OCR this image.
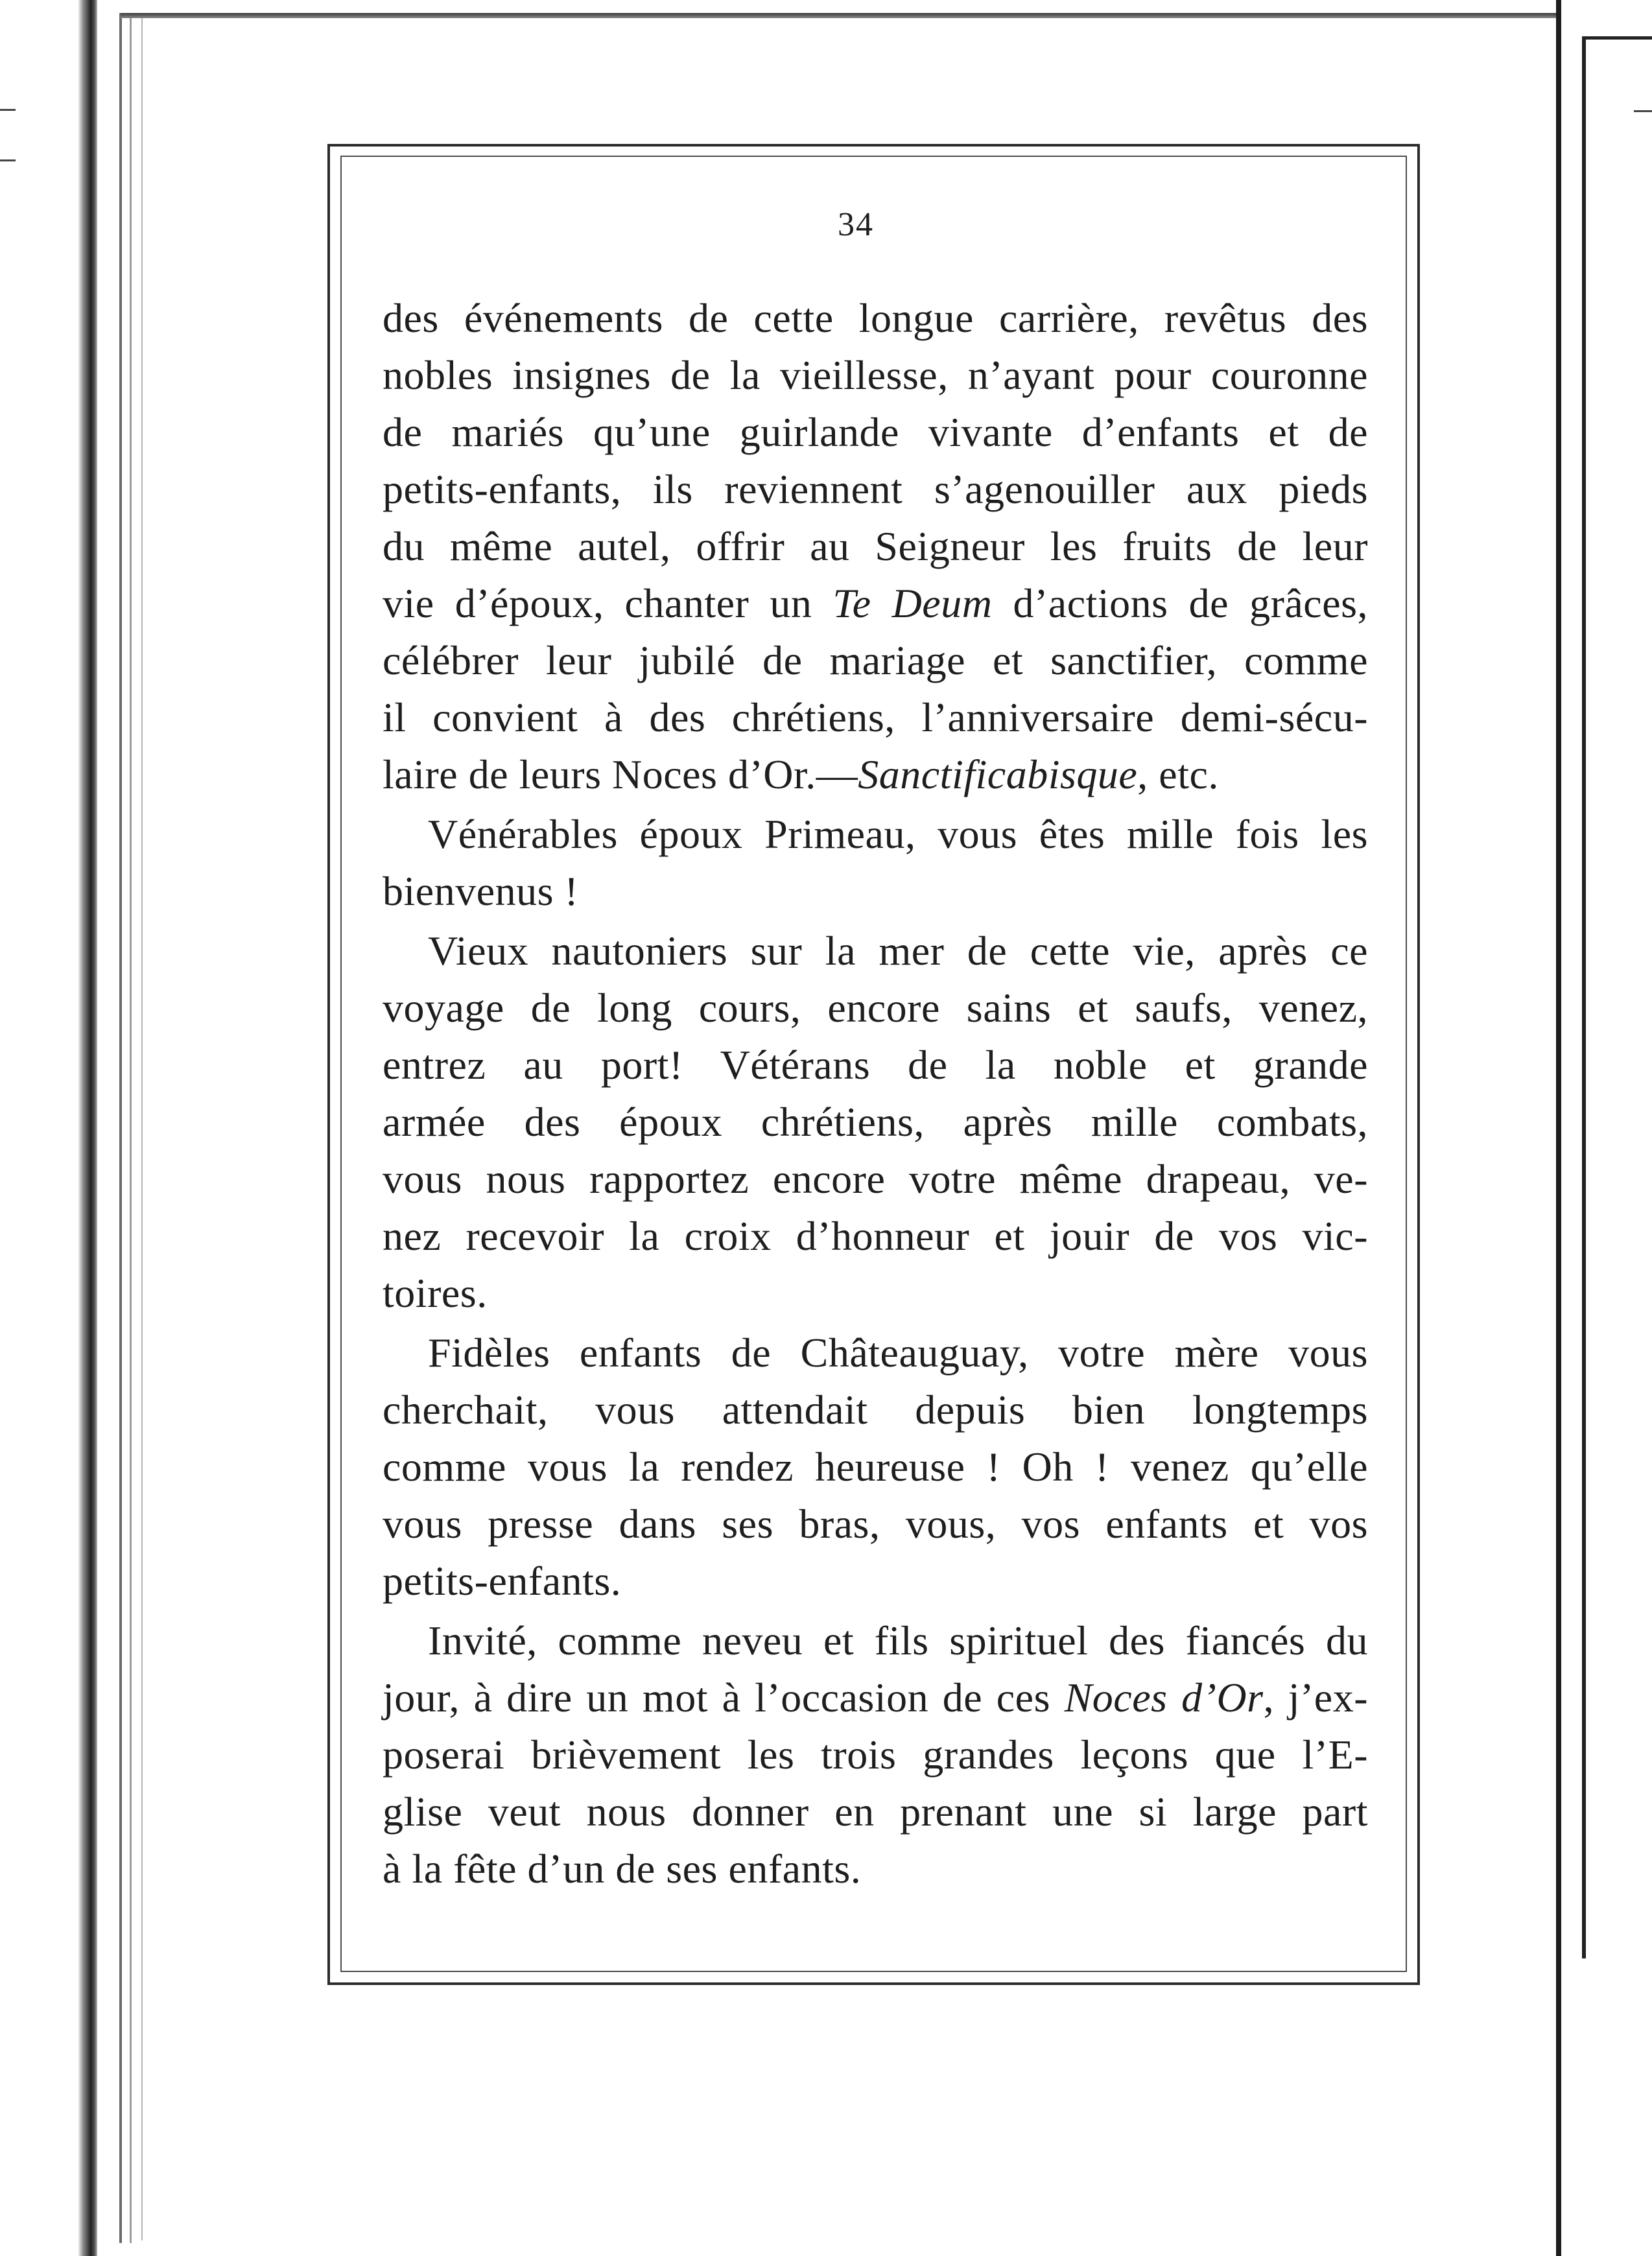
34
des événements de cette longue carrière, revêtus des
nobles insignes de la vieillesse, n’ayant pour couronne
de mariés qu’une guirlande vivante d’enfants et de
petits-enfants, ils reviennent s’agenouiller aux pieds
du même autel, offrir au Seigneur les fruits de leur
vie d’époux, chanter un Te Deum d’actions de grâces,
célébrer leur jubilé de mariage et sanctifier, comme
il convient à des chrétiens, l’anniversaire demi-sécu-
laire de leurs Noces d’Or.—Sanctificabisque, etc.
Vénérables époux Primeau, vous êtes mille fois les
bienvenus !
Vieux nautoniers sur la mer de cette vie, après ce
voyage de long cours, encore sains et saufs, venez,
entrez au port! Vétérans de la noble et grande
armée des époux chrétiens, après mille combats,
vous nous rapportez encore votre même drapeau, ve-
nez recevoir la croix d’honneur et jouir de vos vic-
toires.
Fidèles enfants de Châteauguay, votre mère vous
cherchait, vous attendait depuis bien longtemps
comme vous la rendez heureuse ! Oh ! venez qu’elle
vous presse dans ses bras, vous, vos enfants et vos
petits-enfants.
Invité, comme neveu et fils spirituel des fiancés du
jour, à dire un mot à l’occasion de ces Noces d’Or, j’ex-
poserai brièvement les trois grandes leçons que l’E-
glise veut nous donner en prenant une si large part
à la fête d’un de ses enfants.
